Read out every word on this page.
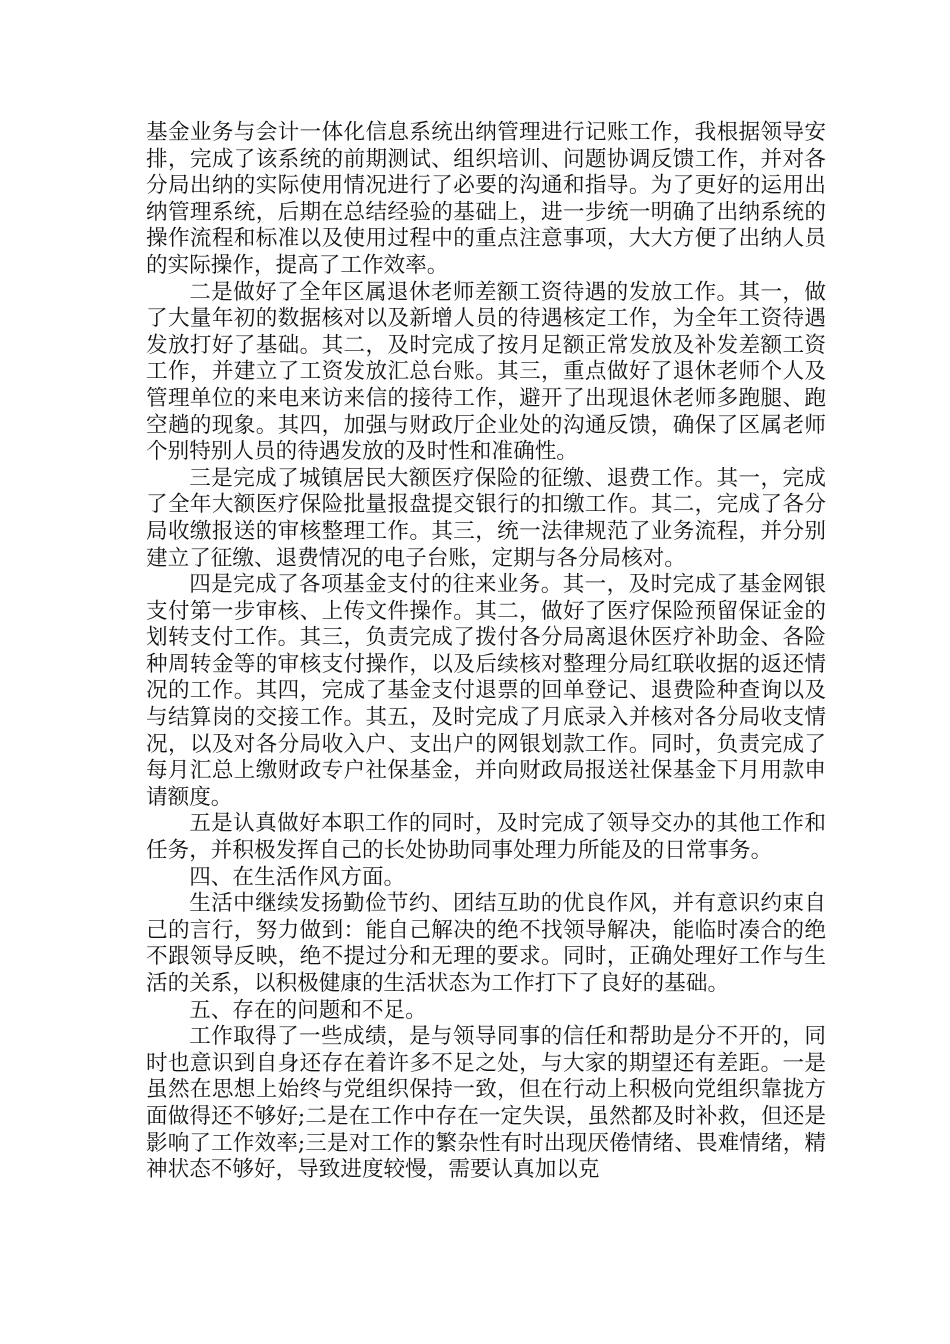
基金业务与会计一体化信息系统出纳管理进行记账工作，我根据领导安排，完成了该系统的前期测试、组织培训、问题协调反馈工作，并对各分局出纳的实际使用情况进行了必要的沟通和指导。为了更好的运用出纳管理系统，后期在总结经验的基础上，进一步统一明确了出纳系统的操作流程和标准以及使用过程中的重点注意事项，大大方便了出纳人员的实际操作，提高了工作效率。

二是做好了全年区属退休老师差额工资待遇的发放工作。其一，做了大量年初的数据核对以及新增人员的待遇核定工作，为全年工资待遇发放打好了基础。其二，及时完成了按月足额正常发放及补发差额工资工作，并建立了工资发放汇总台账。其三，重点做好了退休老师个人及管理单位的来电来访来信的接待工作，避开了出现退休老师多跑腿、跑空趟的现象。其四，加强与财政厅企业处的沟通反馈，确保了区属老师个别特别人员的待遇发放的及时性和准确性。

三是完成了城镇居民大额医疗保险的征缴、退费工作。其一，完成了全年大额医疗保险批量报盘提交银行的扣缴工作。其二，完成了各分局收缴报送的审核整理工作。其三，统一法律规范了业务流程，并分别建立了征缴、退费情况的电子台账，定期与各分局核对。

四是完成了各项基金支付的往来业务。其一，及时完成了基金网银支付第一步审核、上传文件操作。其二，做好了医疗保险预留保证金的划转支付工作。其三，负责完成了拨付各分局离退休医疗补助金、各险种周转金等的审核支付操作，以及后续核对整理分局红联收据的返还情况的工作。其四，完成了基金支付退票的回单登记、退费险种查询以及与结算岗的交接工作。其五，及时完成了月底录入并核对各分局收支情况，以及对各分局收入户、支出户的网银划款工作。同时，负责完成了每月汇总上缴财政专户社保基金，并向财政局报送社保基金下月用款申请额度。

五是认真做好本职工作的同时，及时完成了领导交办的其他工作和任务，并积极发挥自己的长处协助同事处理力所能及的日常事务。

四、在生活作风方面。

生活中继续发扬勤俭节约、团结互助的优良作风，并有意识约束自己的言行，努力做到：能自己解决的绝不找领导解决，能临时凑合的绝不跟领导反映，绝不提过分和无理的要求。同时，正确处理好工作与生活的关系，以积极健康的生活状态为工作打下了良好的基础。

五、存在的问题和不足。

工作取得了一些成绩，是与领导同事的信任和帮助是分不开的，同时也意识到自身还存在着许多不足之处，与大家的期望还有差距。一是虽然在思想上始终与党组织保持一致，但在行动上积极向党组织靠拢方面做得还不够好;二是在工作中存在一定失误，虽然都及时补救，但还是影响了工作效率;三是对工作的繁杂性有时出现厌倦情绪、畏难情绪，精神状态不够好，导致进度较慢，需要认真加以克
